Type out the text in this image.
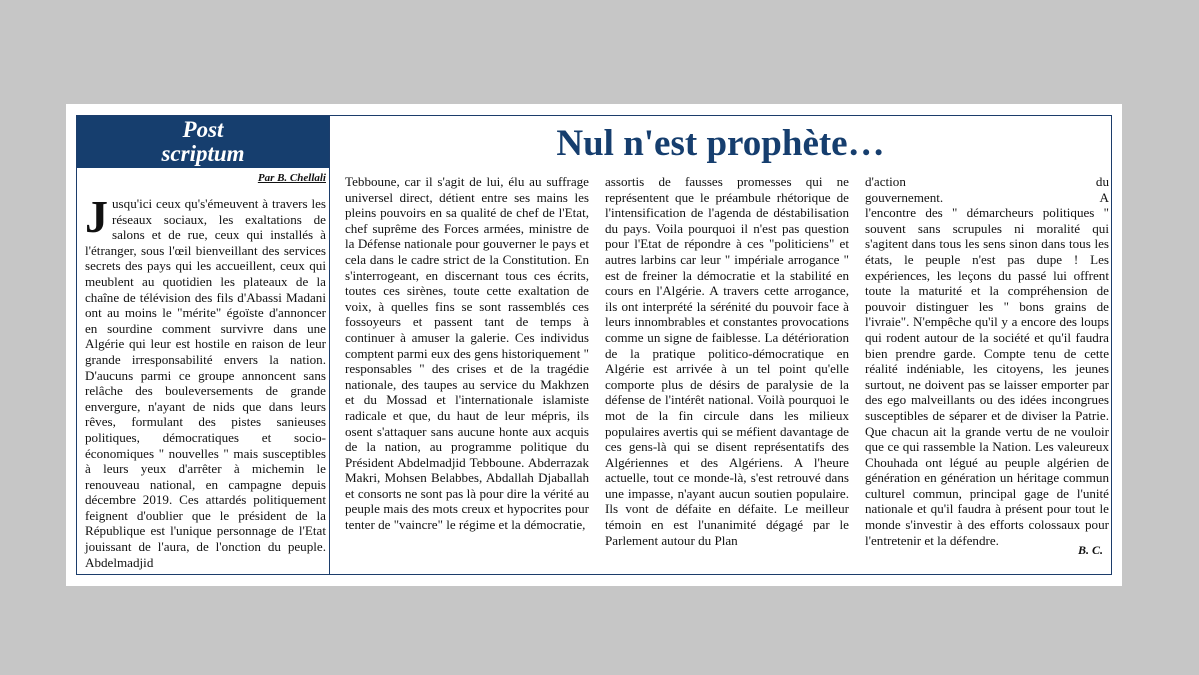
Post
scriptum
Par B. Chellali
Nul n'est prophète…
Jusqu'ici ceux qu's'émeuvent à travers les réseaux sociaux, les exaltations de salons et de rue, ceux qui installés à l'étranger, sous l'œil bienveillant des services secrets des pays qui les accueillent, ceux qui meublent au quotidien les plateaux de la chaîne de télévision des fils d'Abassi Madani ont au moins le "mérite" égoïste d'annoncer en sourdine comment survivre dans une Algérie qui leur est hostile en raison de leur grande irresponsabilité envers la nation. D'aucuns parmi ce groupe annoncent sans relâche des bouleversements de grande envergure, n'ayant de nids que dans leurs rêves, formulant des pistes sanieuses politiques, démocratiques et socio-économiques " nouvelles " mais susceptibles à leurs yeux d'arrêter à michemin le renouveau national, en campagne depuis décembre 2019. Ces attardés politiquement feignent d'oublier que le président de la République est l'unique personnage de l'Etat jouissant de l'aura, de l'onction du peuple. Abdelmadjid

Tebboune, car il s'agit de lui, élu au suffrage universel direct, détient entre ses mains les pleins pouvoirs en sa qualité de chef de l'Etat, chef suprême des Forces armées, ministre de la Défense nationale pour gouverner le pays et cela dans le cadre strict de la Constitution. En s'interrogeant, en discernant tous ces écrits, toutes ces sirènes, toute cette exaltation de voix, à quelles fins se sont rassemblés ces fossoyeurs et passent tant de temps à continuer à amuser la galerie. Ces individus comptent parmi eux des gens historiquement " responsables " des crises et de la tragédie nationale, des taupes au service du Makhzen et du Mossad et l'internationale islamiste radicale et que, du haut de leur mépris, ils osent s'attaquer sans aucune honte aux acquis de la nation, au programme politique du Président Abdelmadjid Tebboune. Abderrazak Makri, Mohsen Belabbes, Abdallah Djaballah et consorts ne sont pas là pour dire la vérité au peuple mais des mots creux et hypocrites pour tenter de "vaincre" le régime et la démocratie,

assortis de fausses promesses qui ne représentent que le préambule rhétorique de l'intensification de l'agenda de déstabilisation du pays. Voila pourquoi il n'est pas question pour l'Etat de répondre à ces "politiciens" et autres larbins car leur " impériale arrogance " est de freiner la démocratie et la stabilité en cours en l'Algérie. A travers cette arrogance, ils ont interprété la sérénité du pouvoir face à leurs innombrables et constantes provocations comme un signe de faiblesse. La détérioration de la pratique politico-démocratique en Algérie est arrivée à un tel point qu'elle comporte plus de désirs de paralysie de la défense de l'intérêt national. Voilà pourquoi le mot de la fin circule dans les milieux populaires avertis qui se méfient davantage de ces gens-là qui se disent représentatifs des Algériennes et des Algériens. A l'heure actuelle, tout ce monde-là, s'est retrouvé dans une impasse, n'ayant aucun soutien populaire. Ils vont de défaite en défaite. Le meilleur témoin en est l'unanimité dégagé par le Parlement autour du Plan

d'action du gouvernement.           A l'encontre des " démarcheurs politiques " souvent sans scrupules ni moralité qui s'agitent dans tous les sens sinon dans tous les états, le peuple n'est pas dupe ! Les expériences, les leçons du passé lui offrent toute la maturité et la compréhension de pouvoir distinguer les " bons grains de l'ivraie". N'empêche qu'il y a encore des loups qui rodent autour de la société et qu'il faudra bien prendre garde. Compte tenu de cette réalité indéniable, les citoyens, les jeunes surtout, ne doivent pas se laisser emporter par des ego malveillants ou des idées incongrues susceptibles de séparer et de diviser la Patrie. Que chacun ait la grande vertu de ne vouloir que ce qui rassemble la Nation. Les valeureux Chouhada ont légué au peuple algérien de génération en génération un héritage commun culturel commun, principal gage de l'unité nationale et qu'il faudra à présent pour tout le monde s'investir à des efforts colossaux pour l'entretenir et la défendre.

B. C.
